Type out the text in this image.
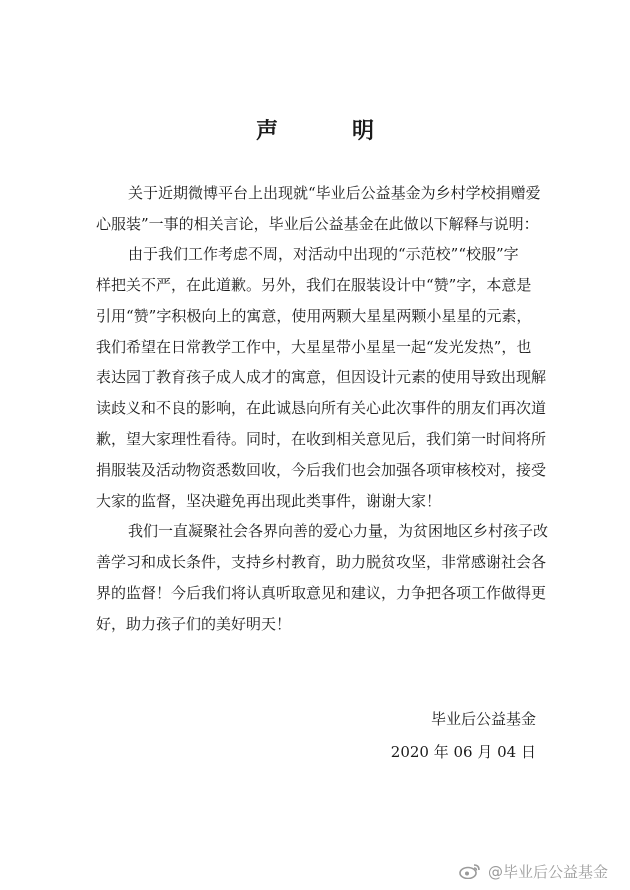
声　明
关于近期微博平台上出现就“毕业后公益基金为乡村学校捐赠爱
心服装”一事的相关言论，毕业后公益基金在此做以下解释与说明：
由于我们工作考虑不周，对活动中出现的“示范校”“校服”字
样把关不严，在此道歉。另外，我们在服装设计中“赞”字，本意是
引用“赞”字积极向上的寓意，使用两颗大星星两颗小星星的元素，
我们希望在日常教学工作中，大星星带小星星一起“发光发热”，也
表达园丁教育孩子成人成才的寓意，但因设计元素的使用导致出现解
读歧义和不良的影响，在此诚恳向所有关心此次事件的朋友们再次道
歉，望大家理性看待。同时，在收到相关意见后，我们第一时间将所
捐服装及活动物资悉数回收，今后我们也会加强各项审核校对，接受
大家的监督，坚决避免再出现此类事件，谢谢大家！
我们一直凝聚社会各界向善的爱心力量，为贫困地区乡村孩子改
善学习和成长条件，支持乡村教育，助力脱贫攻坚，非常感谢社会各
界的监督！今后我们将认真听取意见和建议，力争把各项工作做得更
好，助力孩子们的美好明天！
毕业后公益基金
2020 年 06 月 04 日
@毕业后公益基金
